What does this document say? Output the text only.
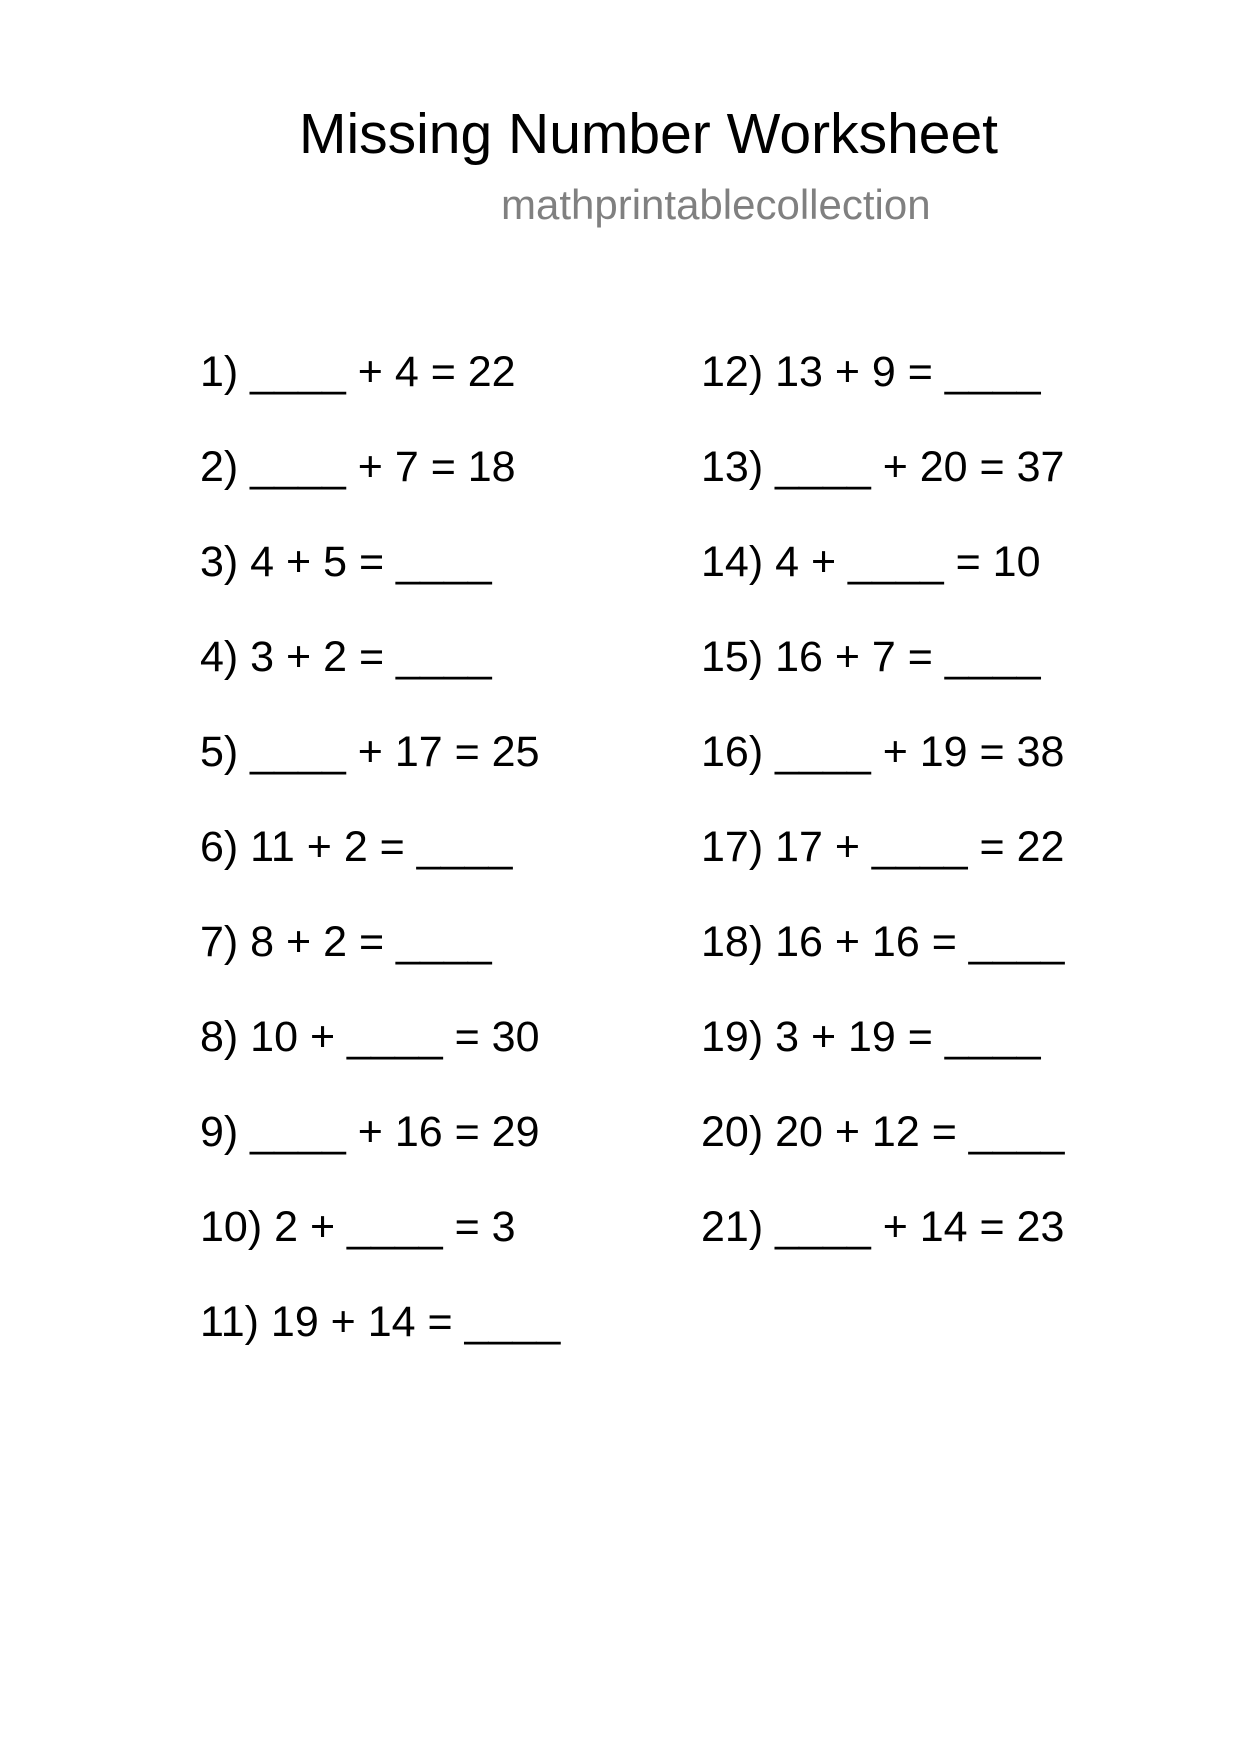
Missing Number Worksheet
mathprintablecollection
1) ____ + 4 = 22
2) ____ + 7 = 18
3) 4 + 5 = ____
4) 3 + 2 = ____
5) ____ + 17 = 25
6) 11 + 2 = ____
7) 8 + 2 = ____
8) 10 + ____ = 30
9) ____ + 16 = 29
10) 2 + ____ = 3
11) 19 + 14 = ____
12) 13 + 9 = ____
13) ____ + 20 = 37
14) 4 + ____ = 10
15) 16 + 7 = ____
16) ____ + 19 = 38
17) 17 + ____ = 22
18) 16 + 16 = ____
19) 3 + 19 = ____
20) 20 + 12 = ____
21) ____ + 14 = 23
